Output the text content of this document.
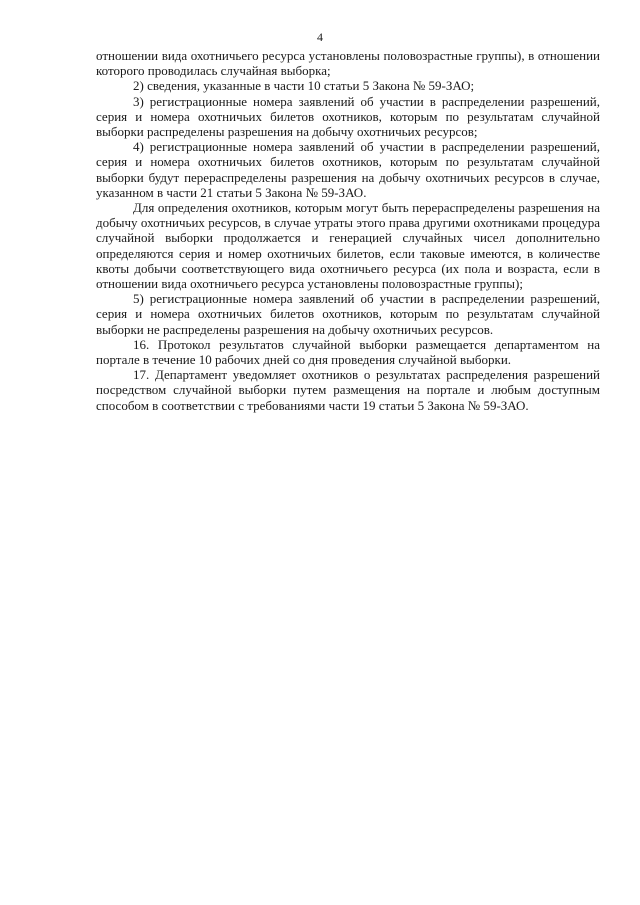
4

отношении вида охотничьего ресурса установлены половозрастные группы), в отношении которого проводилась случайная выборка;

2) сведения, указанные в части 10 статьи 5 Закона № 59-ЗАО;

3) регистрационные номера заявлений об участии в распределении разрешений, серия и номера охотничьих билетов охотников, которым по результатам случайной выборки распределены разрешения на добычу охотничьих ресурсов;

4) регистрационные номера заявлений об участии в распределении разрешений, серия и номера охотничьих билетов охотников, которым по результатам случайной выборки будут перераспределены разрешения на добычу охотничьих ресурсов в случае, указанном в части 21 статьи 5 Закона № 59-ЗАО.

Для определения охотников, которым могут быть перераспределены разрешения на добычу охотничьих ресурсов, в случае утраты этого права другими охотниками процедура случайной выборки продолжается и генерацией случайных чисел дополнительно определяются серия и номер охотничьих билетов, если таковые имеются, в количестве квоты добычи соответствующего вида охотничьего ресурса (их пола и возраста, если в отношении вида охотничьего ресурса установлены половозрастные группы);

5) регистрационные номера заявлений об участии в распределении разрешений, серия и номера охотничьих билетов охотников, которым по результатам случайной выборки не распределены разрешения на добычу охотничьих ресурсов.

16. Протокол результатов случайной выборки размещается департаментом на портале в течение 10 рабочих дней со дня проведения случайной выборки.

17. Департамент уведомляет охотников о результатах распределения разрешений посредством случайной выборки путем размещения на портале и любым доступным способом в соответствии с требованиями части 19 статьи 5 Закона № 59-ЗАО.
